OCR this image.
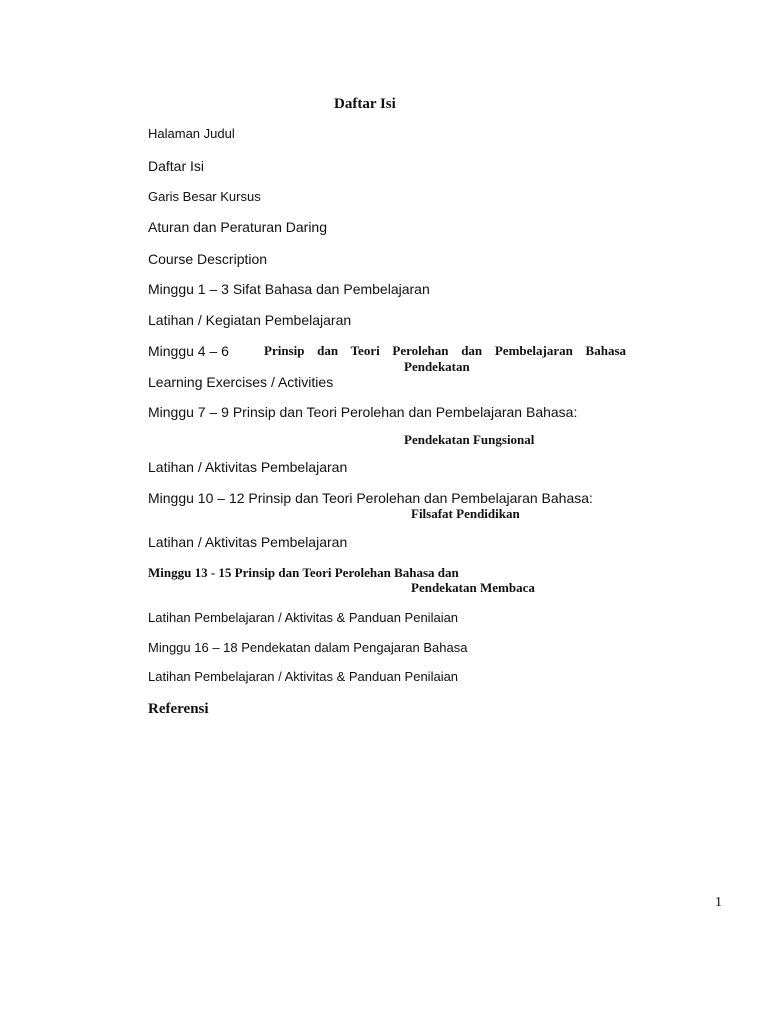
Daftar Isi
Halaman Judul
Daftar Isi
Garis Besar Kursus
Aturan dan Peraturan Daring
Course Description
Minggu 1 – 3 Sifat Bahasa dan Pembelajaran
Latihan / Kegiatan Pembelajaran
Minggu 4 – 6	Prinsip dan Teori Perolehan dan Pembelajaran Bahasa
Pendekatan
Learning Exercises / Activities
Minggu 7 – 9 Prinsip dan Teori Perolehan dan Pembelajaran Bahasa:
Pendekatan Fungsional
Latihan / Aktivitas Pembelajaran
Minggu 10 – 12 Prinsip dan Teori Perolehan dan Pembelajaran Bahasa:
Filsafat Pendidikan
Latihan / Aktivitas Pembelajaran
Minggu 13 - 15 Prinsip dan Teori Perolehan Bahasa dan
Pendekatan Membaca
Latihan Pembelajaran / Aktivitas & Panduan Penilaian
Minggu 16 – 18 Pendekatan dalam Pengajaran Bahasa
Latihan Pembelajaran / Aktivitas & Panduan Penilaian
Referensi
1
